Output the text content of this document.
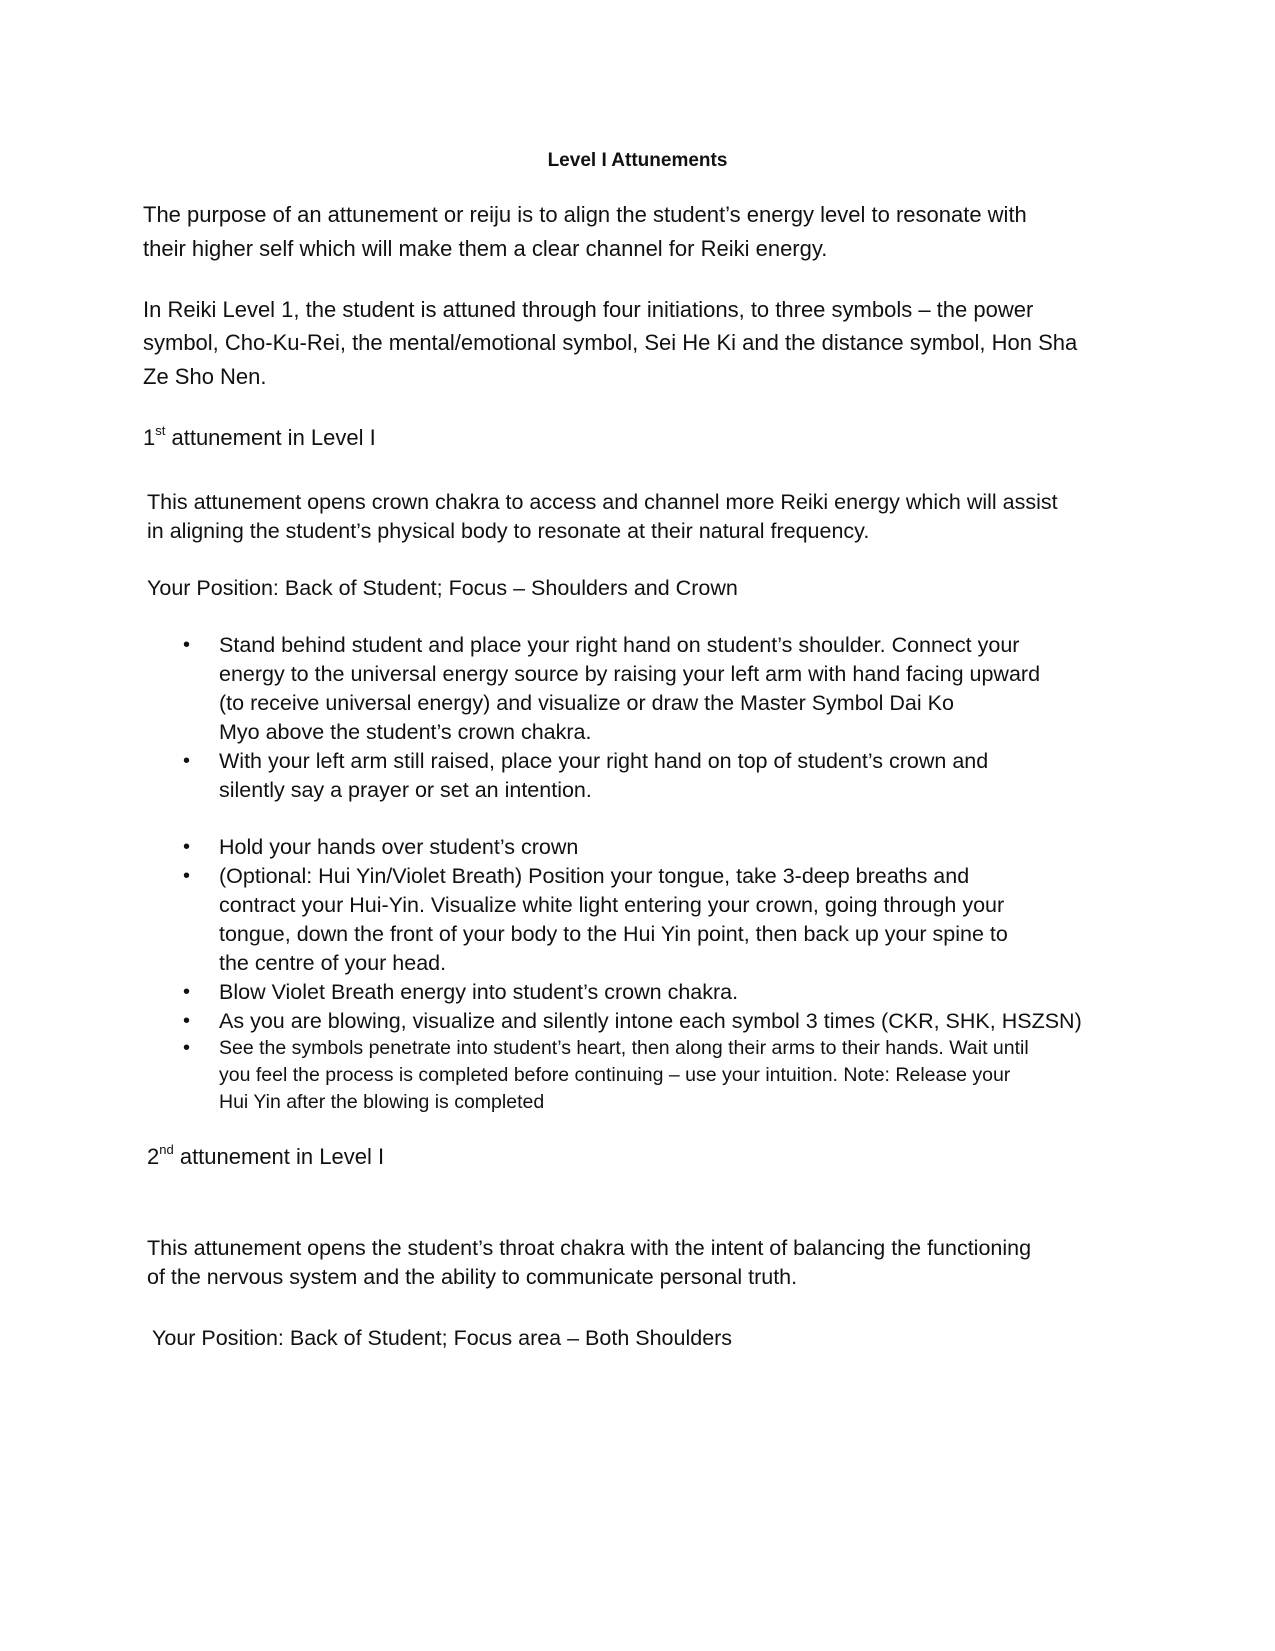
Level I Attunements
The purpose of an attunement or reiju is to align the student’s energy level to resonate with
their higher self which will make them a clear channel for Reiki energy.
In Reiki Level 1, the student is attuned through four initiations, to three symbols – the power
symbol, Cho-Ku-Rei, the mental/emotional symbol, Sei He Ki and the distance symbol, Hon Sha
Ze Sho Nen.
1st attunement in Level I
This attunement opens crown chakra to access and channel more Reiki energy which will assist
in aligning the student’s physical body to resonate at their natural frequency.
Your Position: Back of Student; Focus – Shoulders and Crown
• Stand behind student and place your right hand on student’s shoulder. Connect your
energy to the universal energy source by raising your left arm with hand facing upward
(to receive universal energy) and visualize or draw the Master Symbol Dai Ko
Myo above the student’s crown chakra.
• With your left arm still raised, place your right hand on top of student’s crown and
silently say a prayer or set an intention.
• Hold your hands over student’s crown
• (Optional: Hui Yin/Violet Breath) Position your tongue, take 3-deep breaths and
contract your Hui-Yin. Visualize white light entering your crown, going through your
tongue, down the front of your body to the Hui Yin point, then back up your spine to
the centre of your head.
• Blow Violet Breath energy into student’s crown chakra.
• As you are blowing, visualize and silently intone each symbol 3 times (CKR, SHK, HSZSN)
• See the symbols penetrate into student’s heart, then along their arms to their hands. Wait until
you feel the process is completed before continuing – use your intuition. Note: Release your
Hui Yin after the blowing is completed
2nd attunement in Level I
This attunement opens the student’s throat chakra with the intent of balancing the functioning
of the nervous system and the ability to communicate personal truth.
Your Position: Back of Student; Focus area – Both Shoulders
